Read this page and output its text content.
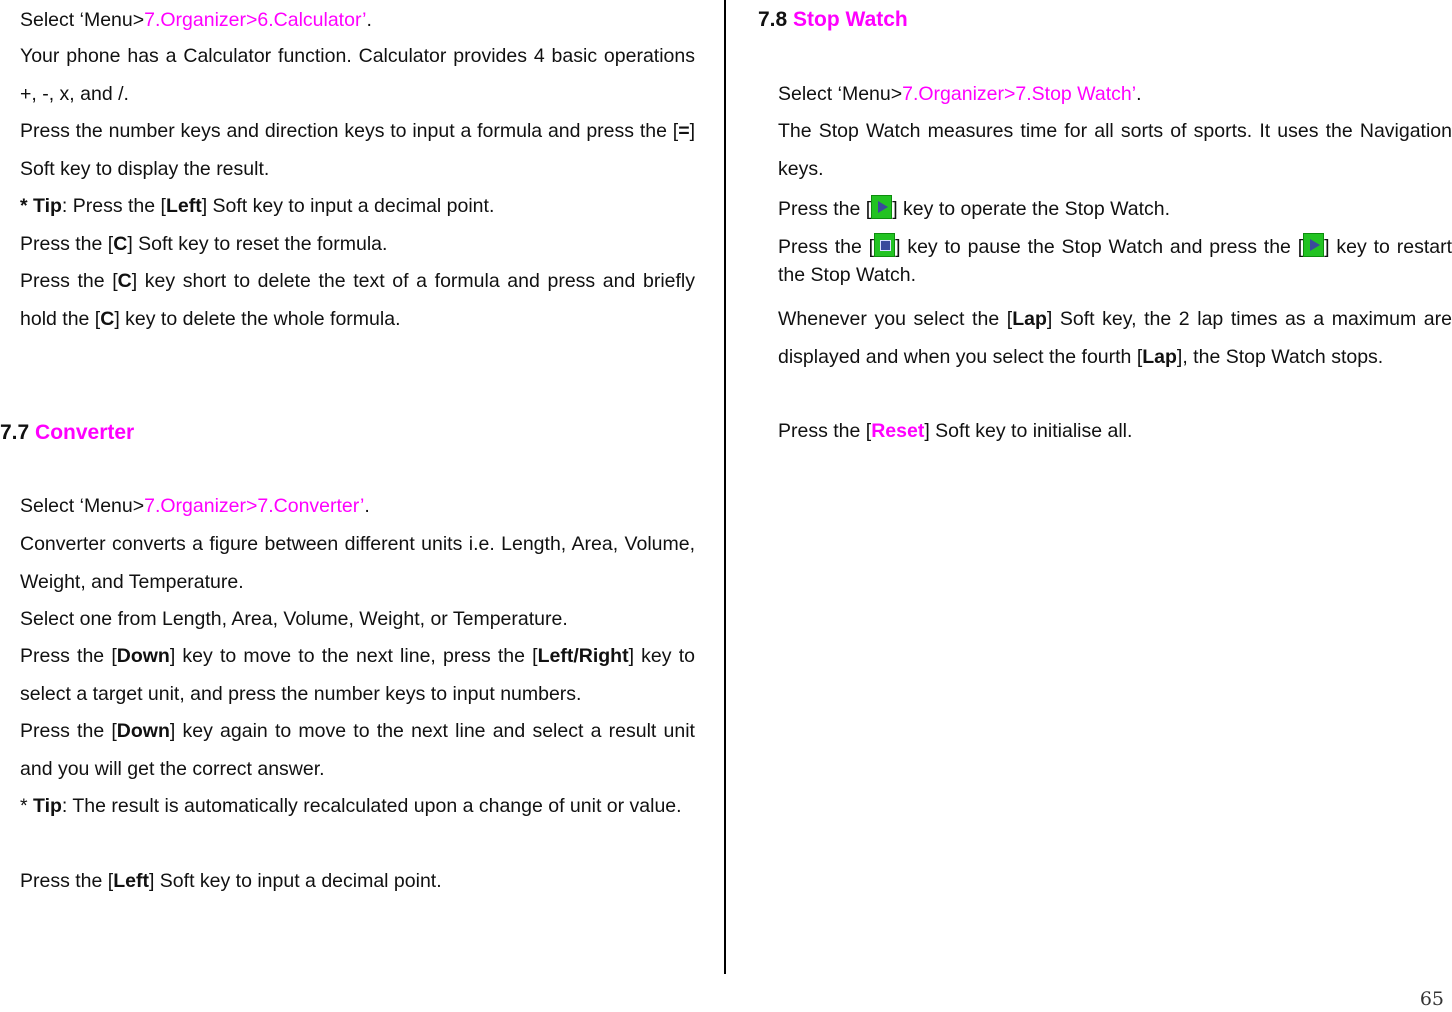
Select ‘Menu>7.Organizer>6.Calculator’.

Your phone has a Calculator function. Calculator provides 4 basic operations +, -, x, and /.

Press the number keys and direction keys to input a formula and press the [=] Soft key to display the result.

* Tip: Press the [Left] Soft key to input a decimal point.

Press the [C] Soft key to reset the formula.

Press the [C] key short to delete the text of a formula and press and briefly hold the [C] key to delete the whole formula.

Select ‘Menu>7.Organizer>7.Converter’.

Converter converts a figure between different units i.e. Length, Area, Volume, Weight, and Temperature.

Select one from Length, Area, Volume, Weight, or Temperature.

Press the [Down] key to move to the next line, press the [Left/Right] key to select a target unit, and press the number keys to input numbers.

Press the [Down] key again to move to the next line and select a result unit and you will get the correct answer.

* Tip: The result is automatically recalculated upon a change of unit or value.

Press the [Left] Soft key to input a decimal point.

7.7 Converter
7.8 Stop Watch

Select ‘Menu>7.Organizer>7.Stop Watch’.

The Stop Watch measures time for all sorts of sports. It uses the Navigation keys.

Press the [ ] key to operate the Stop Watch.

Press the [ ] key to pause the Stop Watch and press the [ ] key to restart the Stop Watch.

Whenever you select the [Lap] Soft key, the 2 lap times as a maximum are displayed and when you select the fourth [Lap], the Stop Watch stops.

Press the [Reset] Soft key to initialise all.

65
